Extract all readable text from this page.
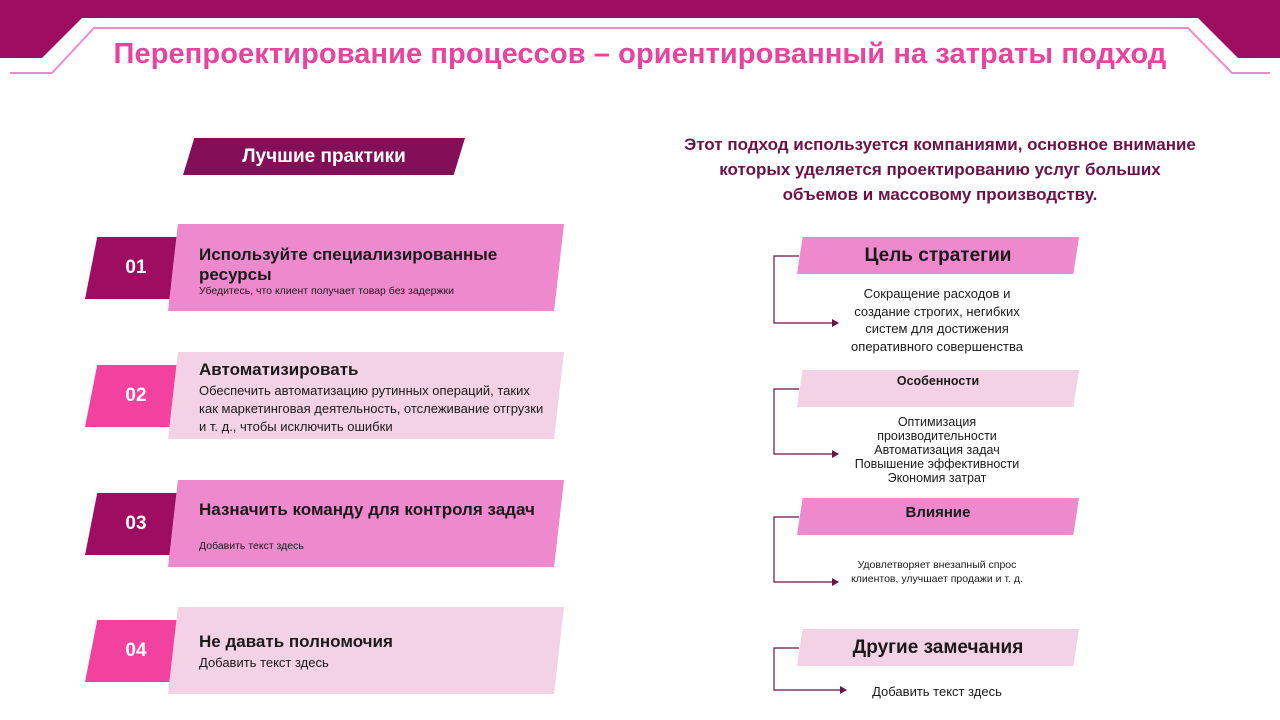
Перепроектирование процессов – ориентированный на затраты подход
Лучшие практики
01
Используйте специализированные ресурсы
Убедитесь, что клиент получает товар без задержки
02
Автоматизировать
Обеспечить автоматизацию рутинных операций, таких как маркетинговая деятельность, отслеживание отгрузки и т. д., чтобы исключить ошибки
03
Назначить команду для контроля задач
Добавить текст здесь
04	Не давать полномочия
Добавить текст здесь
Этот подход используется компаниями, основное внимание которых уделяется проектированию услуг больших объемов и массовому производству.
Цель стратегии
Сокращение расходов и создание строгих, негибких систем для достижения оперативного совершенства
Особенности
Оптимизация производительности Автоматизация задач Повышение эффективности Экономия затрат
Влияние
Удовлетворяет внезапный спрос клиентов, улучшает продажи и т. д.
Другие замечания
Добавить текст здесь
